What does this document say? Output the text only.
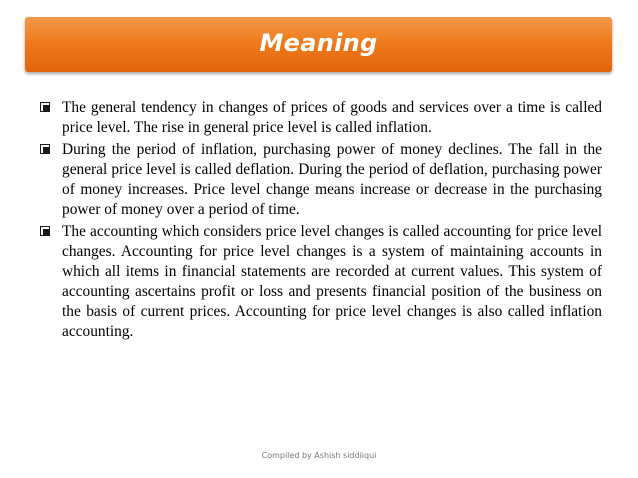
Meaning
The general tendency in changes of prices of goods and services over a time is called price level. The rise in general price level is called inflation.
During the period of inflation, purchasing power of money declines. The fall in the general price level is called deflation. During the period of deflation, purchasing power of money increases. Price level change means increase or decrease in the purchasing power of money over a period of time.
The accounting which considers price level changes is called accounting for price level changes. Accounting for price level changes is a system of maintaining accounts in which all items in financial statements are recorded at current values. This system of accounting ascertains profit or loss and presents financial position of the business on the basis of current prices. Accounting for price level changes is also called inflation accounting.
Compiled by Ashish siddiiqui
